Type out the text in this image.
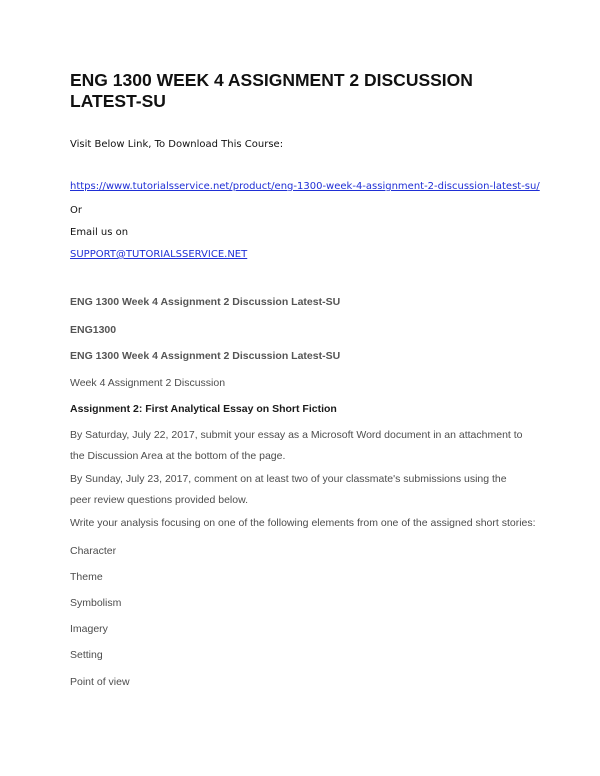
ENG 1300 WEEK 4 ASSIGNMENT 2 DISCUSSION LATEST-SU
Visit Below Link, To Download This Course:
https://www.tutorialsservice.net/product/eng-1300-week-4-assignment-2-discussion-latest-su/
Or
Email us on
SUPPORT@TUTORIALSSERVICE.NET
ENG 1300 Week 4 Assignment 2 Discussion Latest-SU
ENG1300
ENG 1300 Week 4 Assignment 2 Discussion Latest-SU
Week 4 Assignment 2 Discussion
Assignment 2: First Analytical Essay on Short Fiction
By Saturday, July 22, 2017, submit your essay as a Microsoft Word document in an attachment to the Discussion Area at the bottom of the page.
By Sunday, July 23, 2017, comment on at least two of your classmate's submissions using the peer review questions provided below.
Write your analysis focusing on one of the following elements from one of the assigned short stories:
Character
Theme
Symbolism
Imagery
Setting
Point of view
